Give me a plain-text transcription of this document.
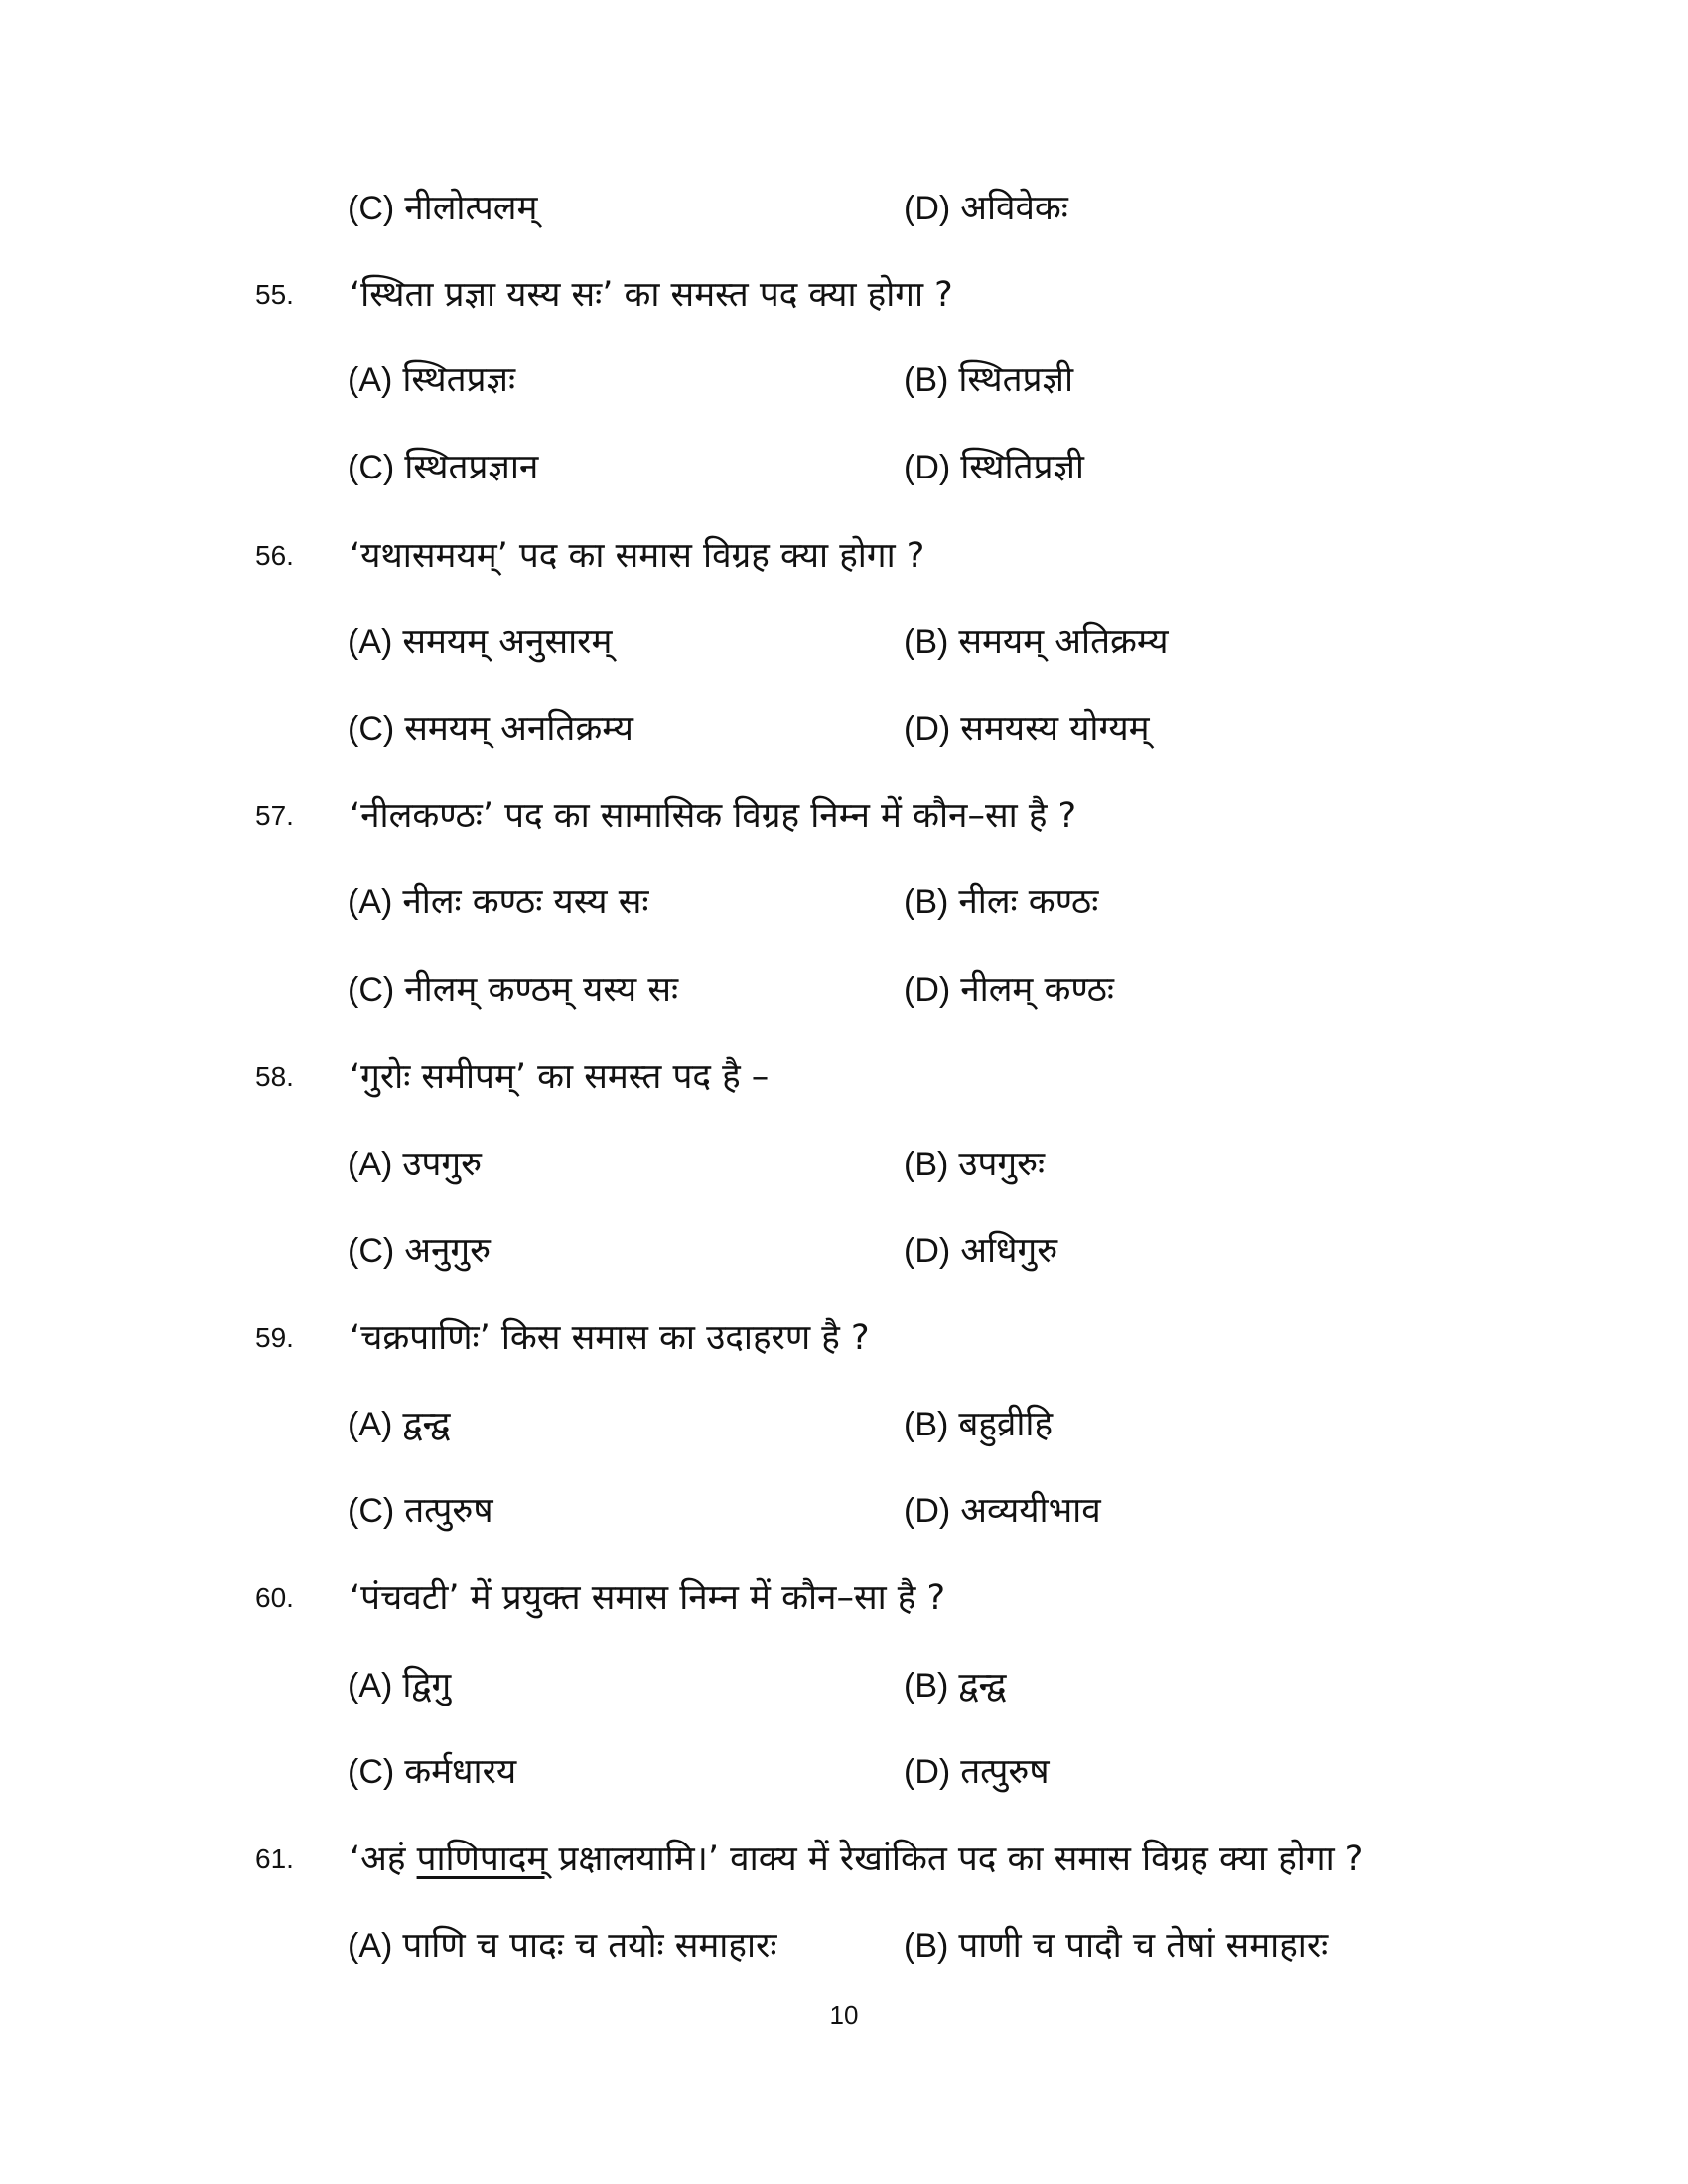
(C) नीलोत्पलम्	(D) अविवेकः
55. ‘स्थिता प्रज्ञा यस्य सः’ का समस्त पद क्या होगा ?
(A) स्थितप्रज्ञः	(B) स्थितप्रज्ञी
(C) स्थितप्रज्ञान	(D) स्थितिप्रज्ञी
56. ‘यथासमयम्’ पद का समास विग्रह क्या होगा ?
(A) समयम् अनुसारम्	(B) समयम् अतिक्रम्य
(C) समयम् अनतिक्रम्य	(D) समयस्य योग्यम्
57. ‘नीलकण्ठः’ पद का सामासिक विग्रह निम्न में कौन–सा है ?
(A) नीलः कण्ठः यस्य सः	(B) नीलः कण्ठः
(C) नीलम् कण्ठम् यस्य सः	(D) नीलम् कण्ठः
58. ‘गुरोः समीपम्’ का समस्त पद है –
(A) उपगुरु	(B) उपगुरुः
(C) अनुगुरु	(D) अधिगुरु
59. ‘चक्रपाणिः’ किस समास का उदाहरण है ?
(A) द्वन्द्व	(B) बहुव्रीहि
(C) तत्पुरुष	(D) अव्ययीभाव
60. ‘पंचवटी’ में प्रयुक्त समास निम्न में कौन–सा है ?
(A) द्विगु	(B) द्वन्द्व
(C) कर्मधारय	(D) तत्पुरुष
61. ‘अहं पाणिपादम् प्रक्षालयामि।’ वाक्य में रेखांकित पद का समास विग्रह क्या होगा ?
(A) पाणि च पादः च तयोः समाहारः	(B) पाणी च पादौ च तेषां समाहारः
10
